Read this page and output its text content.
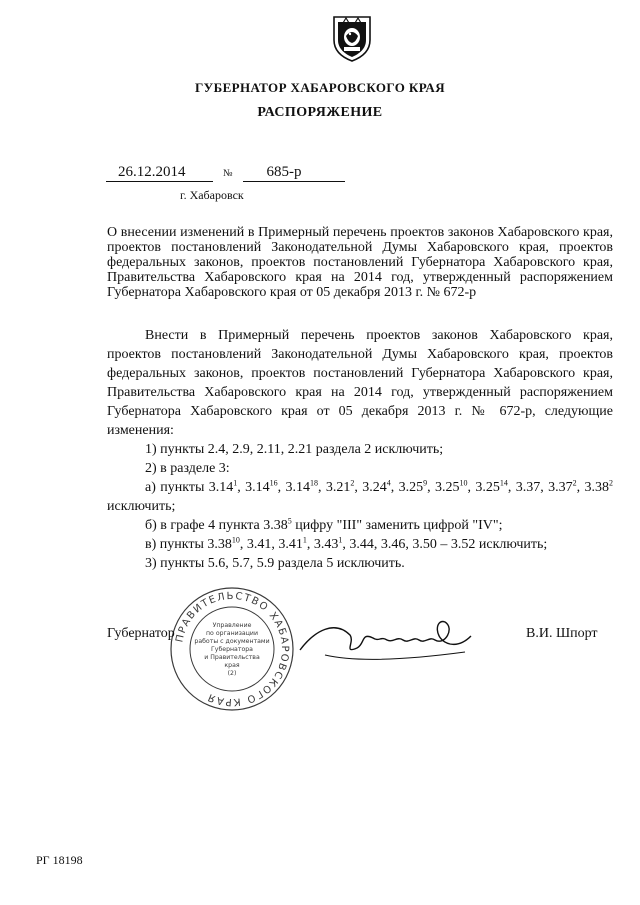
ГУБЕРНАТОР ХАБАРОВСКОГО КРАЯ
РАСПОРЯЖЕНИЕ
26.12.2014	№ 685-р
г. Хабаровск
О внесении изменений в Примерный перечень проектов законов Хабаровского края, проектов постановлений Законодательной Думы Хабаровского края, проектов федеральных законов, проектов постановлений Губернатора Хабаровского края, Правительства Хабаровского края на 2014 год, утвержденный распоряжением Губернатора Хабаровского края от 05 декабря 2013 г. № 672-р

Внести в Примерный перечень проектов законов Хабаровского края, проектов постановлений Законодательной Думы Хабаровского края, проектов федеральных законов, проектов постановлений Губернатора Хабаровского края, Правительства Хабаровского края на 2014 год, утвержденный распоряжением Губернатора Хабаровского края от 05 декабря 2013 г. № 672-р, следующие изменения:

1) пункты 2.4, 2.9, 2.11, 2.21 раздела 2 исключить;

2) в разделе 3:

а) пункты 3.14$^1$, 3.14$^{16}$, 3.14$^{18}$, 3.21$^2$, 3.24$^4$, 3.25$^9$, 3.25$^{10}$, 3.25$^{14}$, 3.37, 3.37$^2$, 3.38$^2$ исключить;

б) в графе 4 пункта 3.38$^5$ цифру "III" заменить цифрой "IV";

в) пункты 3.38$^{10}$, 3.41, 3.41$^1$, 3.43$^1$, 3.44, 3.46, 3.50 – 3.52 исключить;

3) пункты 5.6, 5.7, 5.9 раздела 5 исключить.

ПРАВИТЕЛЬСТВО ХАБАРОВСКОГО КРАЯ
Управление
по организации
работы с документами
Губернатора
и Правительства
края
(2)
Губернатор	В.И. Шпорт
РГ 18198
